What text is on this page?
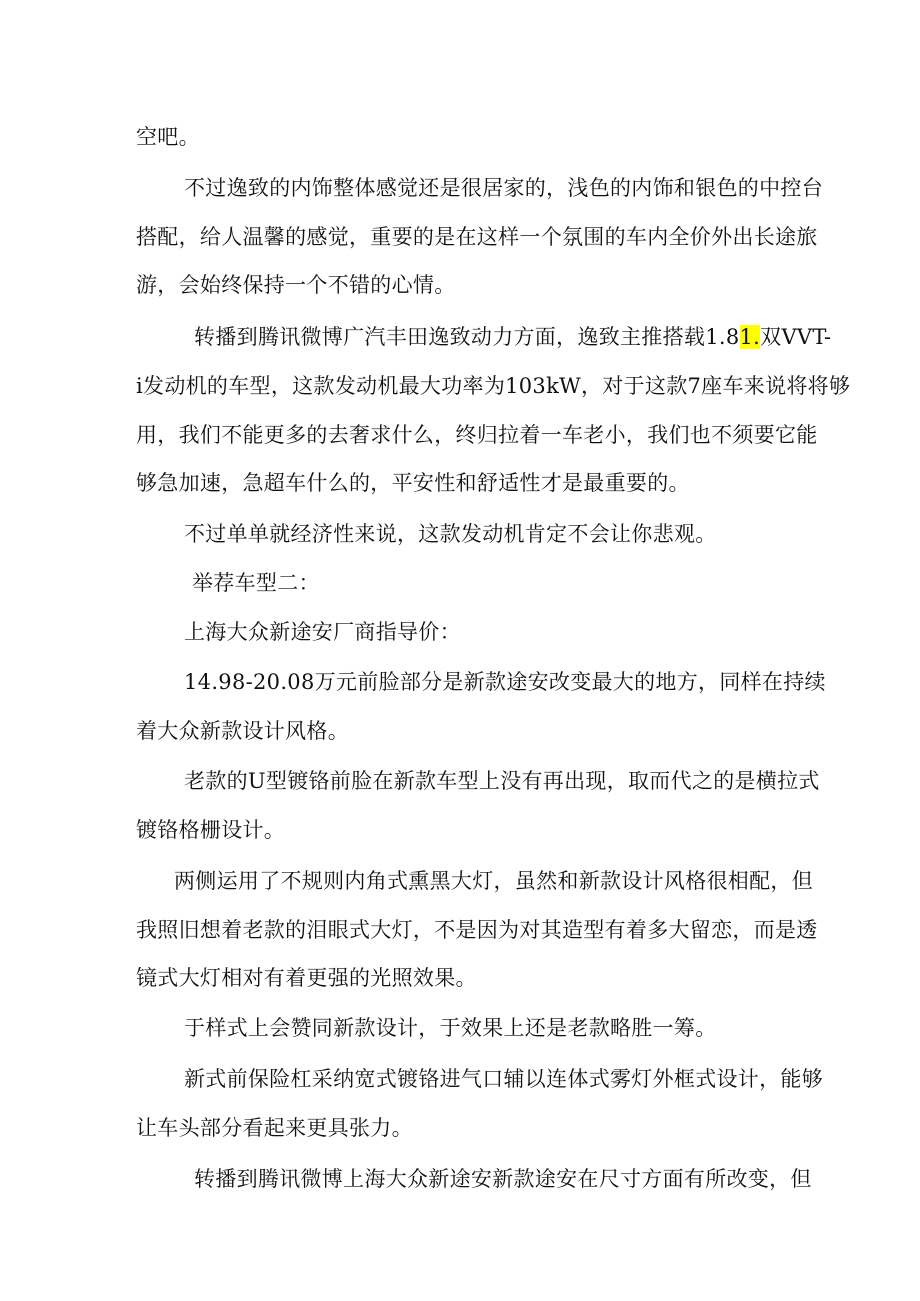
空吧。
不过逸致的内饰整体感觉还是很居家的，浅色的内饰和银色的中控台
搭配，给人温馨的感觉，重要的是在这样一个氛围的车内全价外出长途旅
游，会始终保持一个不错的心情。
转播到腾讯微博广汽丰田逸致动力方面，逸致主推搭载1.81.双VVT-
i发动机的车型，这款发动机最大功率为103kW，对于这款7座车来说将将够
用，我们不能更多的去奢求什么，终归拉着一车老小，我们也不须要它能
够急加速，急超车什么的，平安性和舒适性才是最重要的。
不过单单就经济性来说，这款发动机肯定不会让你悲观。
举荐车型二：
上海大众新途安厂商指导价：
14.98-20.08万元前脸部分是新款途安改变最大的地方，同样在持续
着大众新款设计风格。
老款的U型镀铬前脸在新款车型上没有再出现，取而代之的是横拉式
镀铬格栅设计。
两侧运用了不规则内角式熏黑大灯，虽然和新款设计风格很相配，但
我照旧想着老款的泪眼式大灯，不是因为对其造型有着多大留恋，而是透
镜式大灯相对有着更强的光照效果。
于样式上会赞同新款设计，于效果上还是老款略胜一筹。
新式前保险杠采纳宽式镀铬进气口辅以连体式雾灯外框式设计，能够
让车头部分看起来更具张力。
转播到腾讯微博上海大众新途安新款途安在尺寸方面有所改变，但
